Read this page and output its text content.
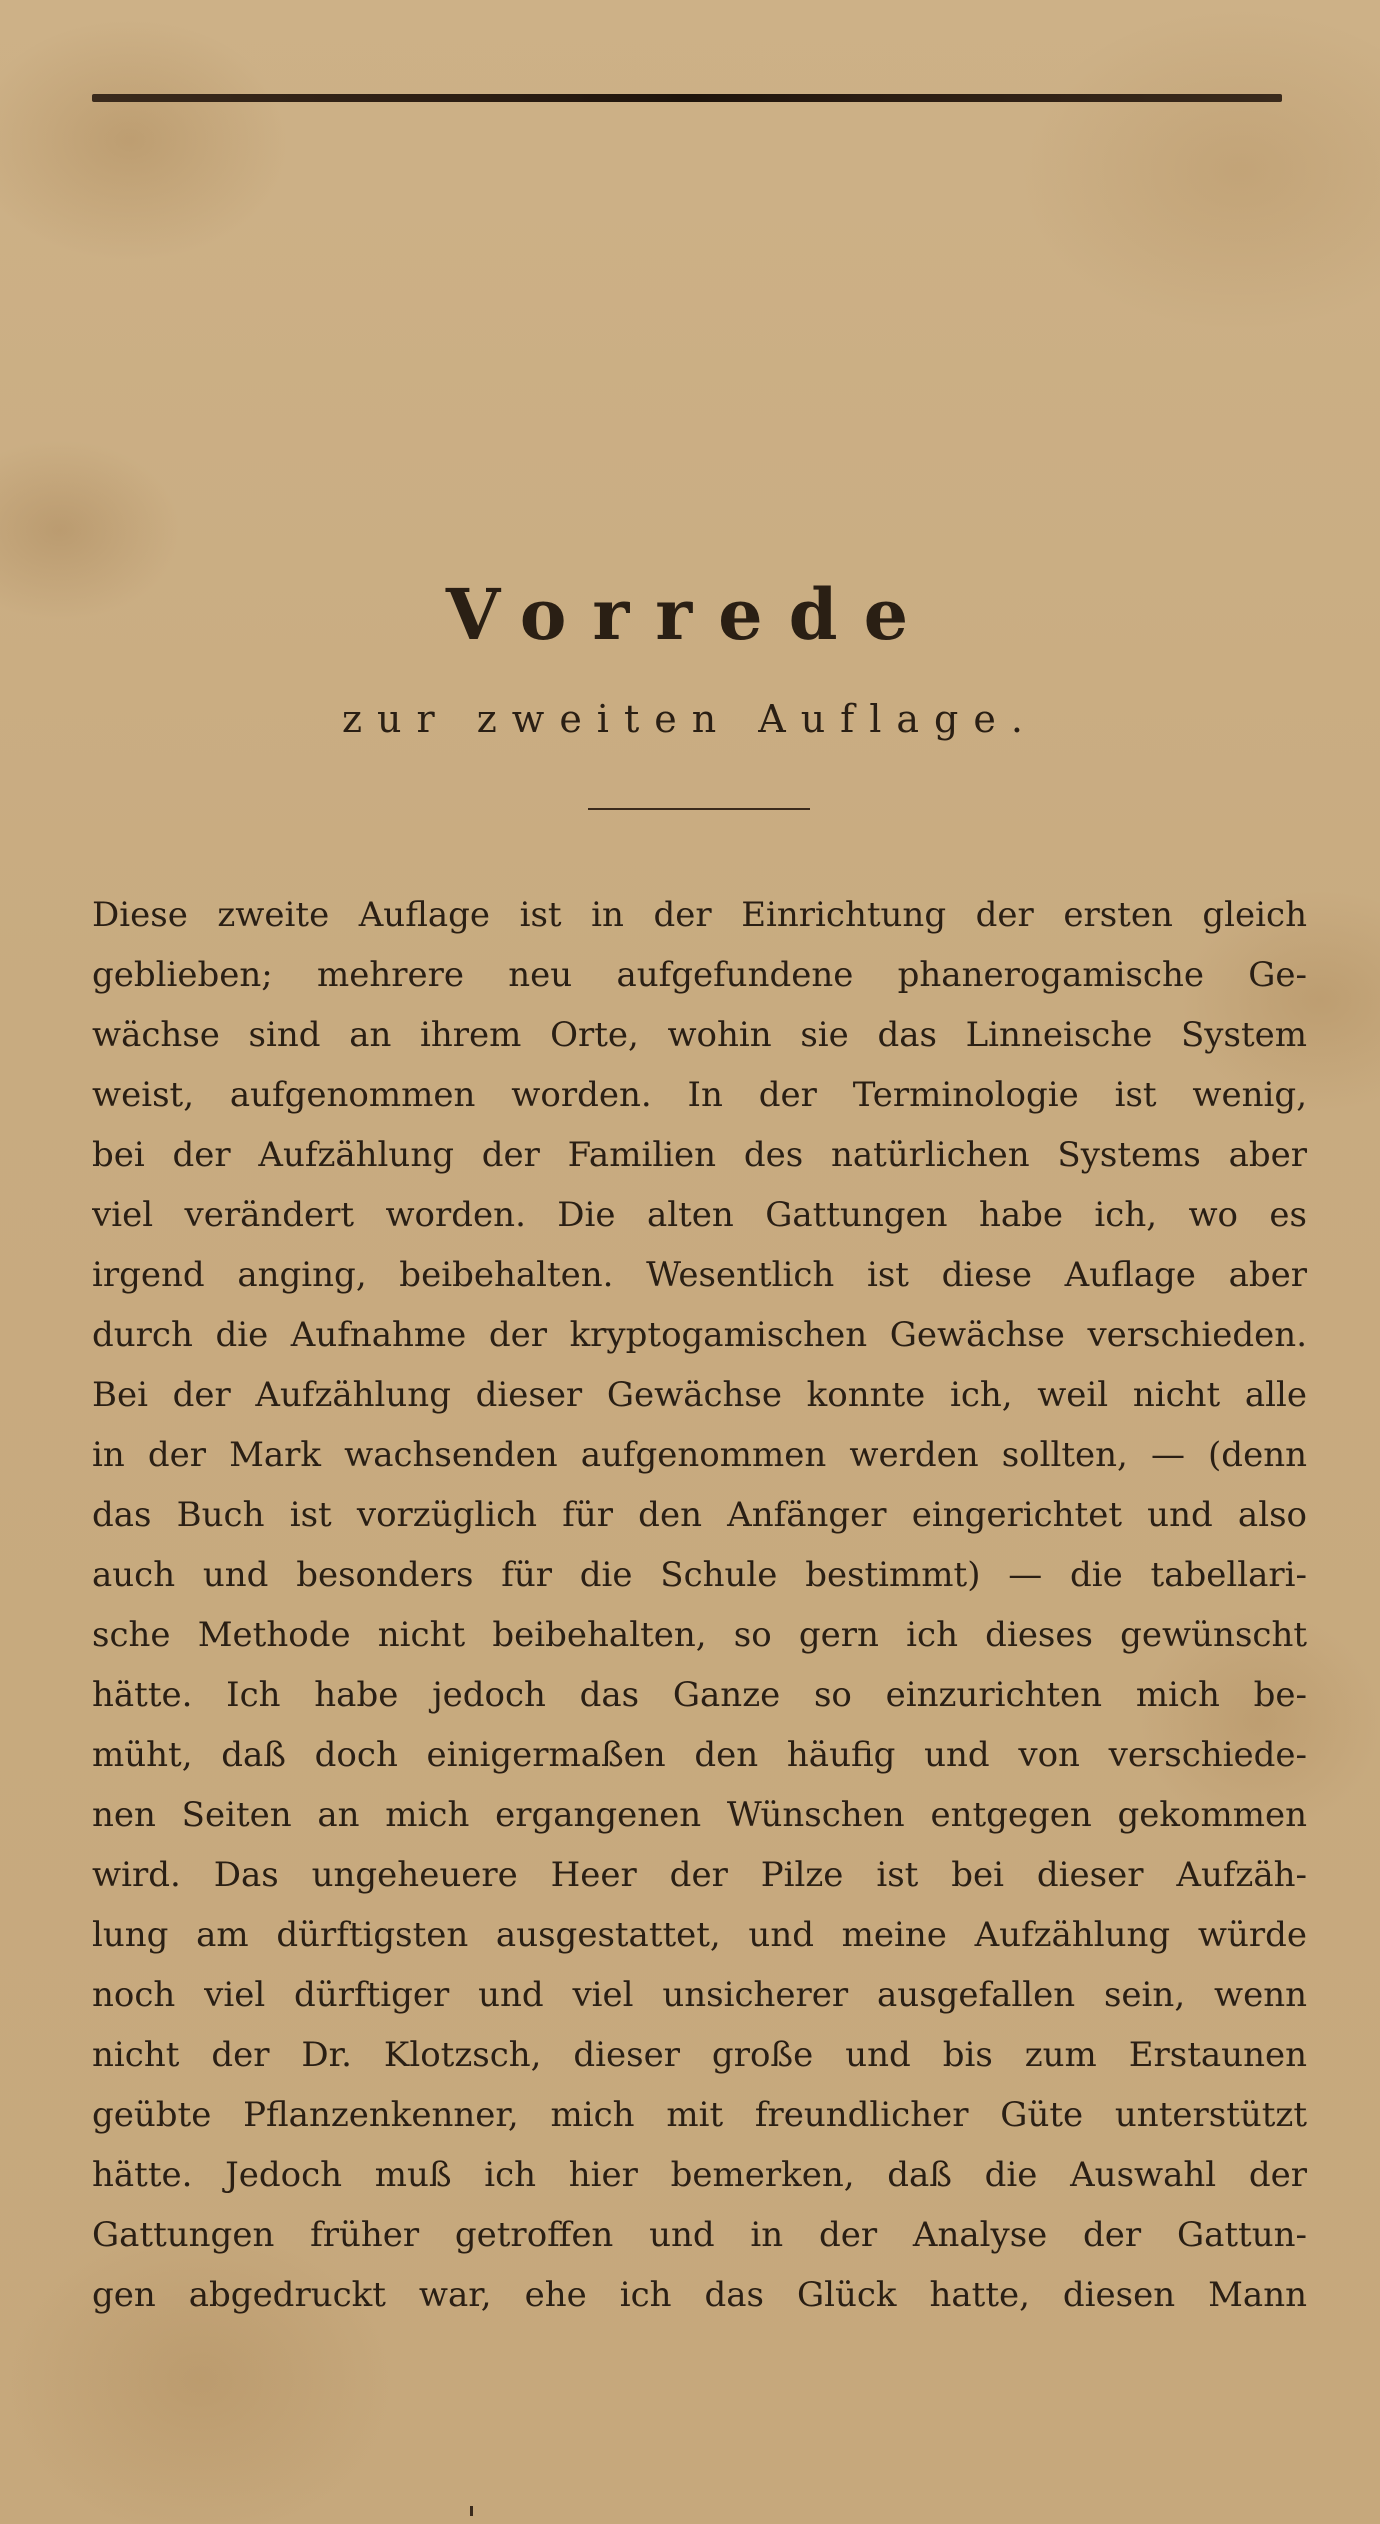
Vorrede
zur zweiten Auflage.
Diese zweite Auflage ist in der Einrichtung der ersten gleich
geblieben; mehrere neu aufgefundene phanerogamische Ge-
wächse sind an ihrem Orte, wohin sie das Linneische System
weist, aufgenommen worden. In der Terminologie ist wenig,
bei der Aufzählung der Familien des natürlichen Systems aber
viel verändert worden. Die alten Gattungen habe ich, wo es
irgend anging, beibehalten. Wesentlich ist diese Auflage aber
durch die Aufnahme der kryptogamischen Gewächse verschieden.
Bei der Aufzählung dieser Gewächse konnte ich, weil nicht alle
in der Mark wachsenden aufgenommen werden sollten, — (denn
das Buch ist vorzüglich für den Anfänger eingerichtet und also
auch und besonders für die Schule bestimmt) — die tabellari-
sche Methode nicht beibehalten, so gern ich dieses gewünscht
hätte. Ich habe jedoch das Ganze so einzurichten mich be-
müht, daß doch einigermaßen den häufig und von verschiede-
nen Seiten an mich ergangenen Wünschen entgegen gekommen
wird. Das ungeheuere Heer der Pilze ist bei dieser Aufzäh-
lung am dürftigsten ausgestattet, und meine Aufzählung würde
noch viel dürftiger und viel unsicherer ausgefallen sein, wenn
nicht der Dr. Klotzsch, dieser große und bis zum Erstaunen
geübte Pflanzenkenner, mich mit freundlicher Güte unterstützt
hätte. Jedoch muß ich hier bemerken, daß die Auswahl der
Gattungen früher getroffen und in der Analyse der Gattun-
gen abgedruckt war, ehe ich das Glück hatte, diesen Mann
